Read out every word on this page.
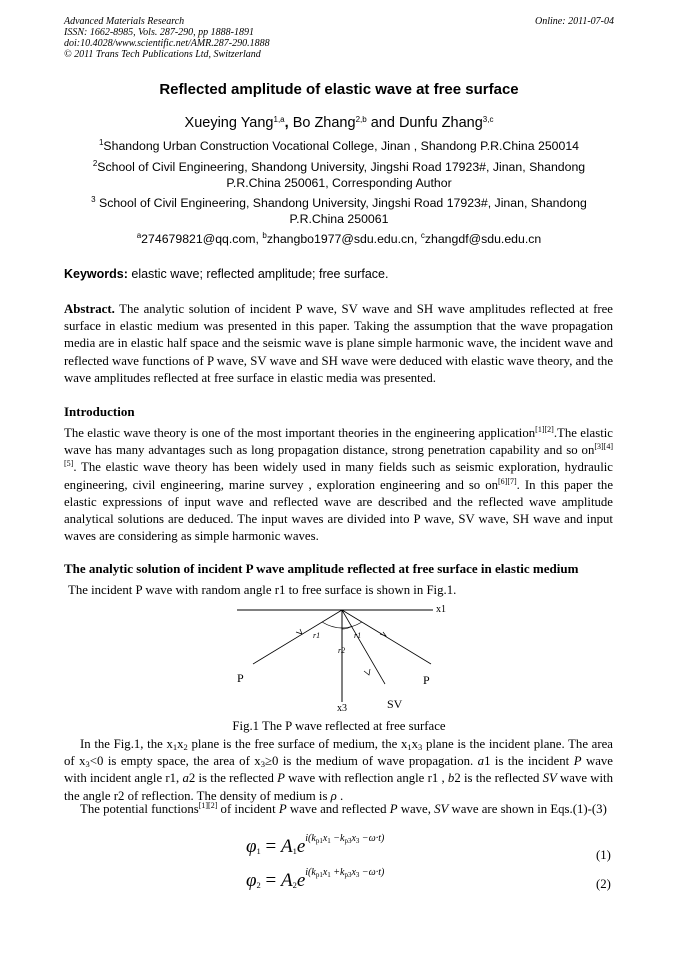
Advanced Materials Research
ISSN: 1662-8985, Vols. 287-290, pp 1888-1891
doi:10.4028/www.scientific.net/AMR.287-290.1888
© 2011 Trans Tech Publications Ltd, Switzerland
Online: 2011-07-04
Reflected amplitude of elastic wave at free surface
Xueying Yang$^{1,a}$, Bo Zhang$^{2,b}$ and Dunfu Zhang$^{3,c}$
$^1$Shandong Urban Construction Vocational College, Jinan , Shandong P.R.China 250014
$^2$School of Civil Engineering, Shandong University, Jingshi Road 17923#, Jinan, Shandong P.R.China 250061, Corresponding Author
$^3$ School of Civil Engineering, Shandong University, Jingshi Road 17923#, Jinan, Shandong P.R.China 250061
$^a$274679821@qq.com, $^b$zhangbo1977@sdu.edu.cn, $^c$zhangdf@sdu.edu.cn
Keywords: elastic wave; reflected amplitude; free surface.
Abstract. The analytic solution of incident P wave, SV wave and SH wave amplitudes reflected at free surface in elastic medium was presented in this paper. Taking the assumption that the wave propagation media are in elastic half space and the seismic wave is plane simple harmonic wave, the incident wave and reflected wave functions of P wave, SV wave and SH wave were deduced with elastic wave theory, and the wave amplitudes reflected at free surface in elastic media was presented.
Introduction
The elastic wave theory is one of the most important theories in the engineering application[1][2].The elastic wave has many advantages such as long propagation distance, strong penetration capability and so on[3][4][5]. The elastic wave theory has been widely used in many fields such as seismic exploration, hydraulic engineering, civil engineering, marine survey , exploration engineering and so on[6][7]. In this paper the elastic expressions of input wave and reflected wave are described and the reflected wave amplitude analytical solutions are deduced. The input waves are divided into P wave, SV wave, SH wave and input waves are considering as simple harmonic waves.
The analytic solution of incident P wave amplitude reflected at free surface in elastic medium
The incident P wave with random angle r1 to free surface is shown in Fig.1.
x1
x3
P	P
SV
r1	r1
r2
Fig.1 The P wave reflected at free surface
In the Fig.1, the $x_1x_2$ plane is the free surface of medium, the $x_1x_3$ plane is the incident plane. The area of $x_3<0$ is empty space, the area of $x_3\ge 0$ is the medium of wave propagation. a1 is the incident P wave with incident angle r1, a2 is the reflected P wave with reflection angle r1 , b2 is the reflected SV wave with the angle r2 of reflection. The density of medium is ρ .
The potential functions[1][2] of incident P wave and reflected P wave, SV wave are shown in Eqs.(1)-(3)
$\varphi_1 = A_1e^{i(k_{p1}x_1 -k_{p3}x_3 -\omega\cdot t)}$
(1)
$\varphi_2 = A_2e^{i(k_{p1}x_1 +k_{p3}x_3 -\omega\cdot t)}$
(2)
